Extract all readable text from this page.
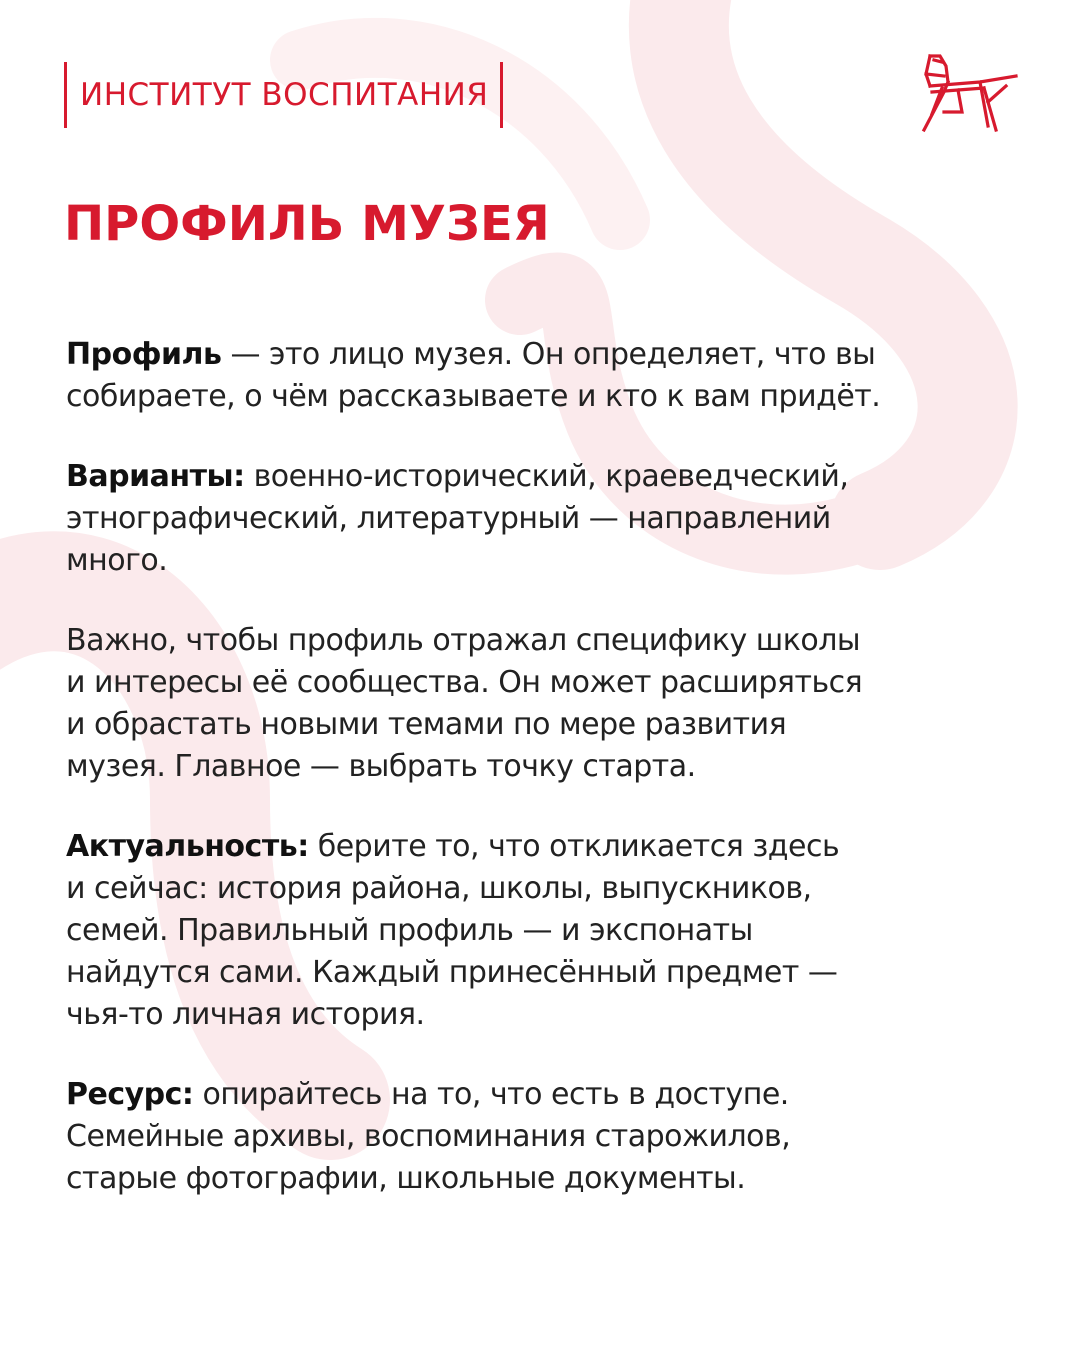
ИНСТИТУТ ВОСПИТАНИЯ
ПРОФИЛЬ МУЗЕЯ

Профиль — это лицо музея. Он определяет, что вы
собираете, о чём рассказываете и кто к вам придёт.

Варианты: военно-исторический, краеведческий,
этнографический, литературный — направлений
много.

Важно, чтобы профиль отражал специфику школы
и интересы её сообщества. Он может расширяться
и обрастать новыми темами по мере развития
музея. Главное — выбрать точку старта.

Актуальность: берите то, что откликается здесь
и сейчас: история района, школы, выпускников,
семей. Правильный профиль — и экспонаты
найдутся сами. Каждый принесённый предмет —
чья-то личная история.

Ресурс: опирайтесь на то, что есть в доступе.
Семейные архивы, воспоминания старожилов,
старые фотографии, школьные документы.
